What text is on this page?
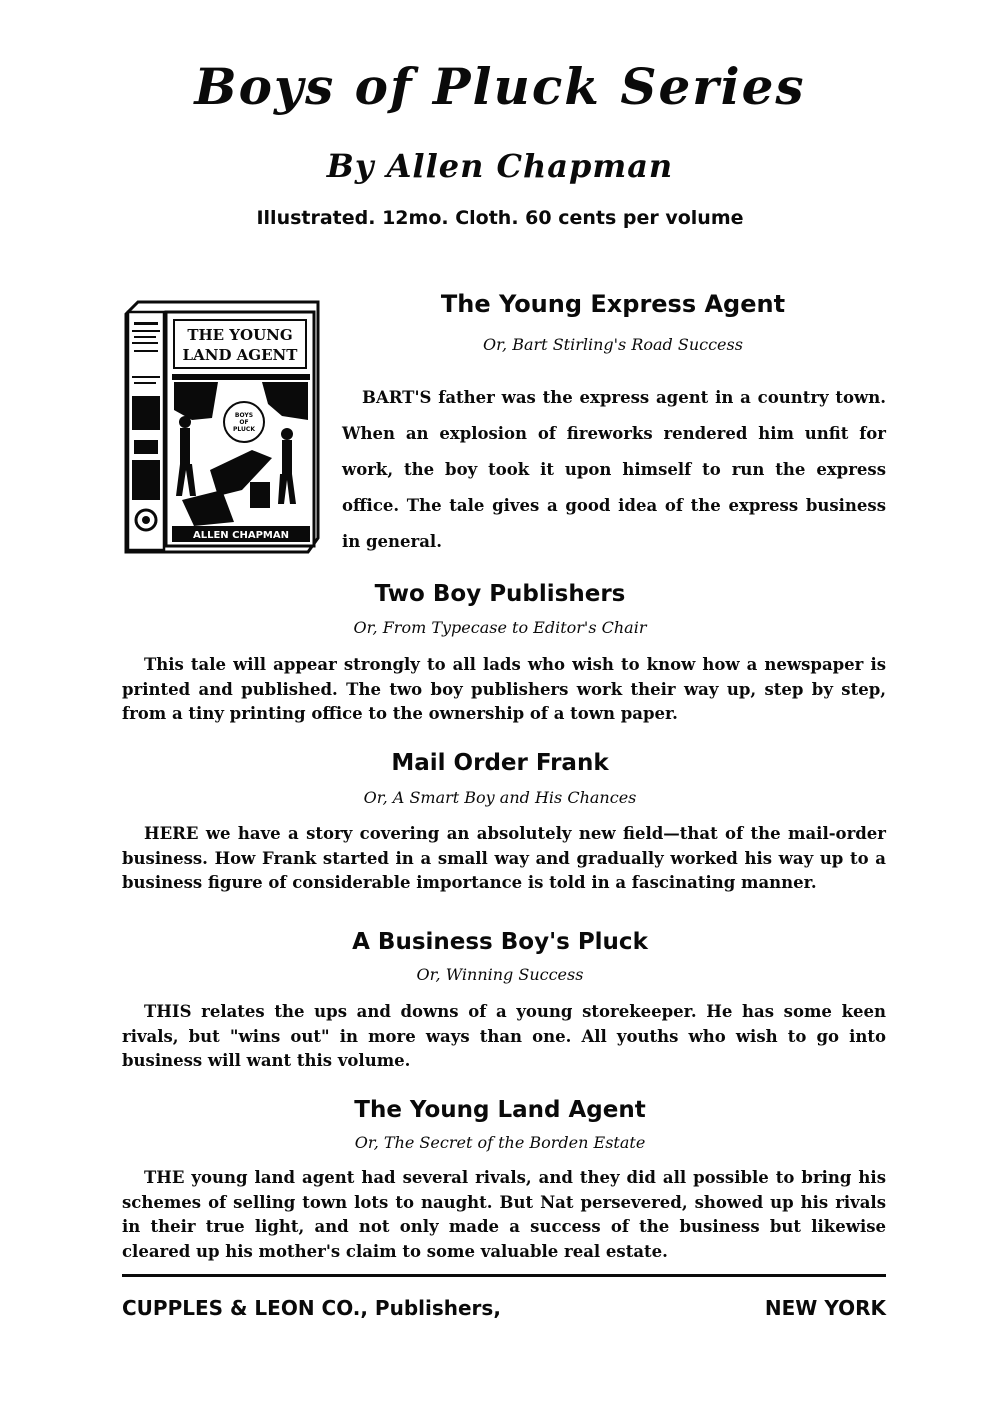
Boys of Pluck Series
By Allen Chapman
Illustrated. 12mo. Cloth. 60 cents per volume
THE YOUNG
LAND AGENT
BOYS
OF
PLUCK
ALLEN CHAPMAN
The Young Express Agent
Or, Bart Stirling's Road Success
BART'S father was the express agent in a country town. When an explosion of fireworks rendered him unfit for work, the boy took it upon himself to run the express office. The tale gives a good idea of the express business in general.
Two Boy Publishers
Or, From Typecase to Editor's Chair
This tale will appear strongly to all lads who wish to know how a newspaper is printed and published. The two boy publishers work their way up, step by step, from a tiny printing office to the ownership of a town paper.
Mail Order Frank
Or, A Smart Boy and His Chances
HERE we have a story covering an absolutely new field—that of the mail-order business. How Frank started in a small way and gradually worked his way up to a business figure of considerable importance is told in a fascinating manner.
A Business Boy's Pluck
Or, Winning Success
THIS relates the ups and downs of a young storekeeper. He has some keen rivals, but "wins out" in more ways than one. All youths who wish to go into business will want this volume.
The Young Land Agent
Or, The Secret of the Borden Estate
THE young land agent had several rivals, and they did all possible to bring his schemes of selling town lots to naught. But Nat persevered, showed up his rivals in their true light, and not only made a success of the business but likewise cleared up his mother's claim to some valuable real estate.
CUPPLES & LEON CO., Publishers,	NEW YORK
